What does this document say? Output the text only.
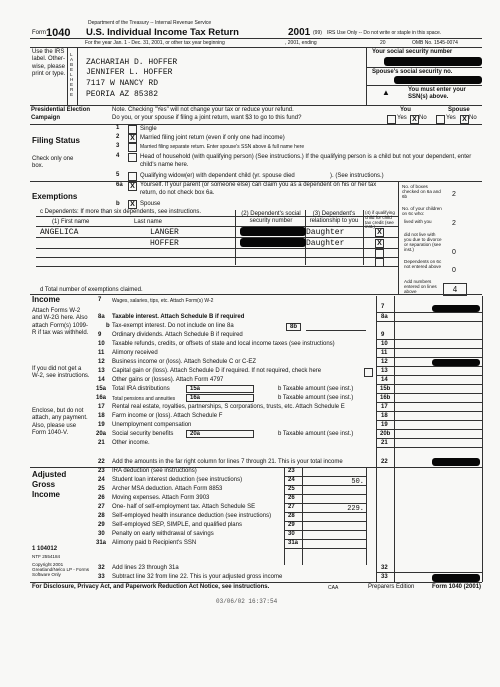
Department of the Treasury -- Internal Revenue Service
Form 1040 U.S. Individual Income Tax Return	2001 (99) IRS Use Only -- Do not write or staple in this space.
For the year Jan. 1 - Dec. 31, 2001, or other tax year beginning	, 2001, ending	20	OMB No. 1545-0074
Use the IRS label. Other- wise, please print or type.
LABEL HERE
ZACHARIAH D. HOFFER
JENNIFER L. HOFFER
7117 W NANCY RD
PEORIA AZ 85382
Your social security number
Spouse's social security no.
▲	You must enter your SSN(s) above.
Presidential Election Campaign
Note. Checking "Yes" will not change your tax or reduce your refund.
Do you, or your spouse if filing a joint return, want $3 to go to this fund?
You	Spouse
Yes X No	Yes X No
Filing Status
Check only one box.
1	Single
2	X Married filing joint return (even if only one had income)
3	Married filing separate return. Enter spouse's SSN above & full name here
4	Head of household (with qualifying person) (See instructions.) If the qualifying person is a child but not your dependent, enter child's name here.
5	Qualifying widow(er) with dependent child (yr. spouse died	). (See instructions.)
Exemptions
6a	X Yourself. If your parent (or someone else) can claim you as a dependent on his or her tax return, do not check box 6a.
b	X Spouse
No. of boxes checked on 6a and 6b	2
c Dependents: If more than six dependents, see instructions.
(1) First name	Last name
(2) Dependent's social security number
(3) Dependent's relationship to you
(4) if qualifying child for child tax credit (see inst.)
ANGELICA	LANGER	Daughter	X
HOFFER	Daughter	X
No. of your children on 6c who:
lived with you	2
did not live with you due to divorce or separation (see inst.)	0
Dependents on 6c not entered above
0
Add numbers entered on lines above	4
d Total number of exemptions claimed.
Income
Attach Forms W-2 and W-2G here. Also attach Form(s) 1099-R if tax was withheld.
If you did not get a W-2, see instructions.
Enclose, but do not attach, any payment. Also, please use Form 1040-V.
7 Wages, salaries, tips, etc. Attach Form(s) W-2
7
8a Taxable interest. Attach Schedule B if required	8a
b Tax-exempt interest. Do not include on line 8a	8b
9 Ordinary dividends. Attach Schedule B if required	9
10 Taxable refunds, credits, or offsets of state and local income taxes (see instructions)	10
11 Alimony received	11
12 Business income or (loss). Attach Schedule C or C-EZ	12
13 Capital gain or (loss). Attach Schedule D if required. If not required, check here	13
14 Other gains or (losses). Attach Form 4797	14
15a Total IRA distributions	15a	b Taxable amount (see inst.)	15b
16a Total pensions and annuities	16a	b Taxable amount (see inst.)	16b
17 Rental real estate, royalties, partnerships, S corporations, trusts, etc. Attach Schedule E	17
18 Farm income or (loss). Attach Schedule F	18
19 Unemployment compensation	19
20a Social security benefits	20a	b Taxable amount (see inst.)	20b
21 Other income.	21
22 Add the amounts in the far right column for lines 7 through 21. This is your total income	22
Adjusted Gross Income
23 IRA deduction (see instructions)	23
24 Student loan interest deduction (see instructions)	24	50.
25 Archer MSA deduction. Attach Form 8853	25
26 Moving expenses. Attach Form 3903	26
27 One- half of self-employment tax. Attach Schedule SE	27	229.
28 Self-employed health insurance deduction (see instructions)	28
29 Self-employed SEP, SIMPLE, and qualified plans	29
30 Penalty on early withdrawal of savings	30
31a Alimony paid b Recipient's SSN	31a
32 Add lines 23 through 31a	32
33 Subtract line 32 from line 22. This is your adjusted gross income	33
1 104012
NTF 2554184
Copyright 2001 Greatland/Nelco LP - Forms Software Only
For Disclosure, Privacy Act, and Paperwork Reduction Act Notice, see instructions.	CAA	Preparers Edition	Form 1040 (2001)
03/06/02 16:37:54
